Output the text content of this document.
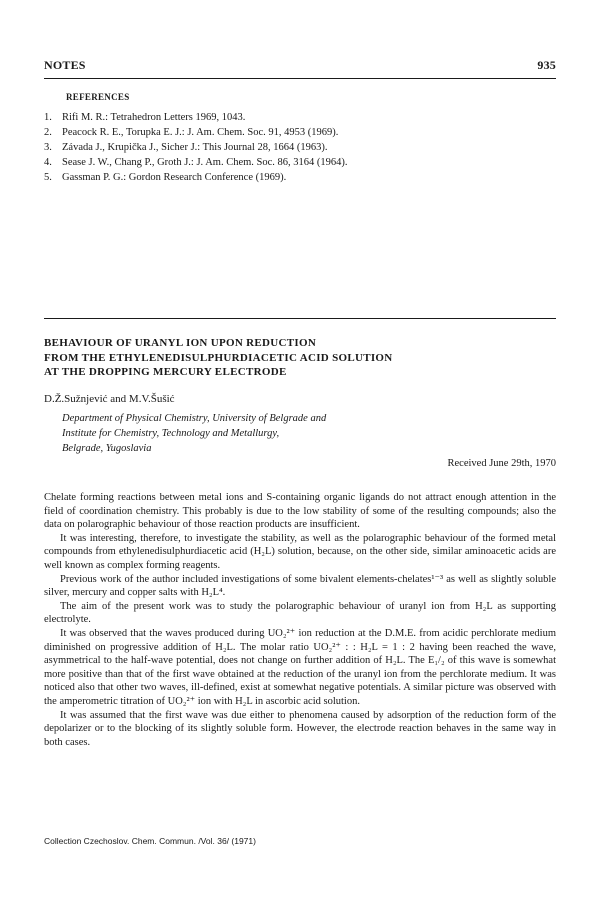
NOTES	935
REFERENCES
1. Rifi M. R.: Tetrahedron Letters 1969, 1043.
2. Peacock R. E., Torupka E. J.: J. Am. Chem. Soc. 91, 4953 (1969).
3. Závada J., Krupička J., Sicher J.: This Journal 28, 1664 (1963).
4. Sease J. W., Chang P., Groth J.: J. Am. Chem. Soc. 86, 3164 (1964).
5. Gassman P. G.: Gordon Research Conference (1969).
BEHAVIOUR OF URANYL ION UPON REDUCTION
FROM THE ETHYLENEDISULPHURDIACETIC ACID SOLUTION
AT THE DROPPING MERCURY ELECTRODE
D.Ž.Sužnjević and M.V.Šušić
Department of Physical Chemistry, University of Belgrade and
Institute for Chemistry, Technology and Metallurgy,
Belgrade, Yugoslavia
Received June 29th, 1970

Chelate forming reactions between metal ions and S-containing organic ligands do not attract enough attention in the field of coordination chemistry. This probably is due to the low stability of some of the resulting compounds; also the data on polarographic behaviour of those reaction products are insufficient.

It was interesting, therefore, to investigate the stability, as well as the polarographic behaviour of the formed metal compounds from ethylenedisulphurdiacetic acid (H₂L) solution, because, on the other side, similar aminoacetic acids are well known as complex forming reagents.

Previous work of the author included investigations of some bivalent elements-chelates¹⁻³ as well as slightly soluble silver, mercury and copper salts with H₂L⁴.

The aim of the present work was to study the polarographic behaviour of uranyl ion from H₂L as supporting electrolyte.

It was observed that the waves produced during UO₂²⁺ ion reduction at the D.M.E. from acidic perchlorate medium diminished on progressive addition of H₂L. The molar ratio UO₂²⁺ : : H₂L = 1 : 2 having been reached the wave, asymmetrical to the half-wave potential, does not change on further addition of H₂L. The E₁/₂ of this wave is somewhat more positive than that of the first wave obtained at the reduction of the uranyl ion from the perchlorate medium. It was noticed also that other two waves, ill-defined, exist at somewhat negative potentials. A similar picture was observed with the amperometric titration of UO₂²⁺ ion with H₂L in ascorbic acid solution.

It was assumed that the first wave was due either to phenomena caused by adsorption of the reduction form of the depolarizer or to the blocking of its slightly soluble form. However, the electrode reaction behaves in the same way in both cases.

Collection Czechoslov. Chem. Commun. /Vol. 36/ (1971)
